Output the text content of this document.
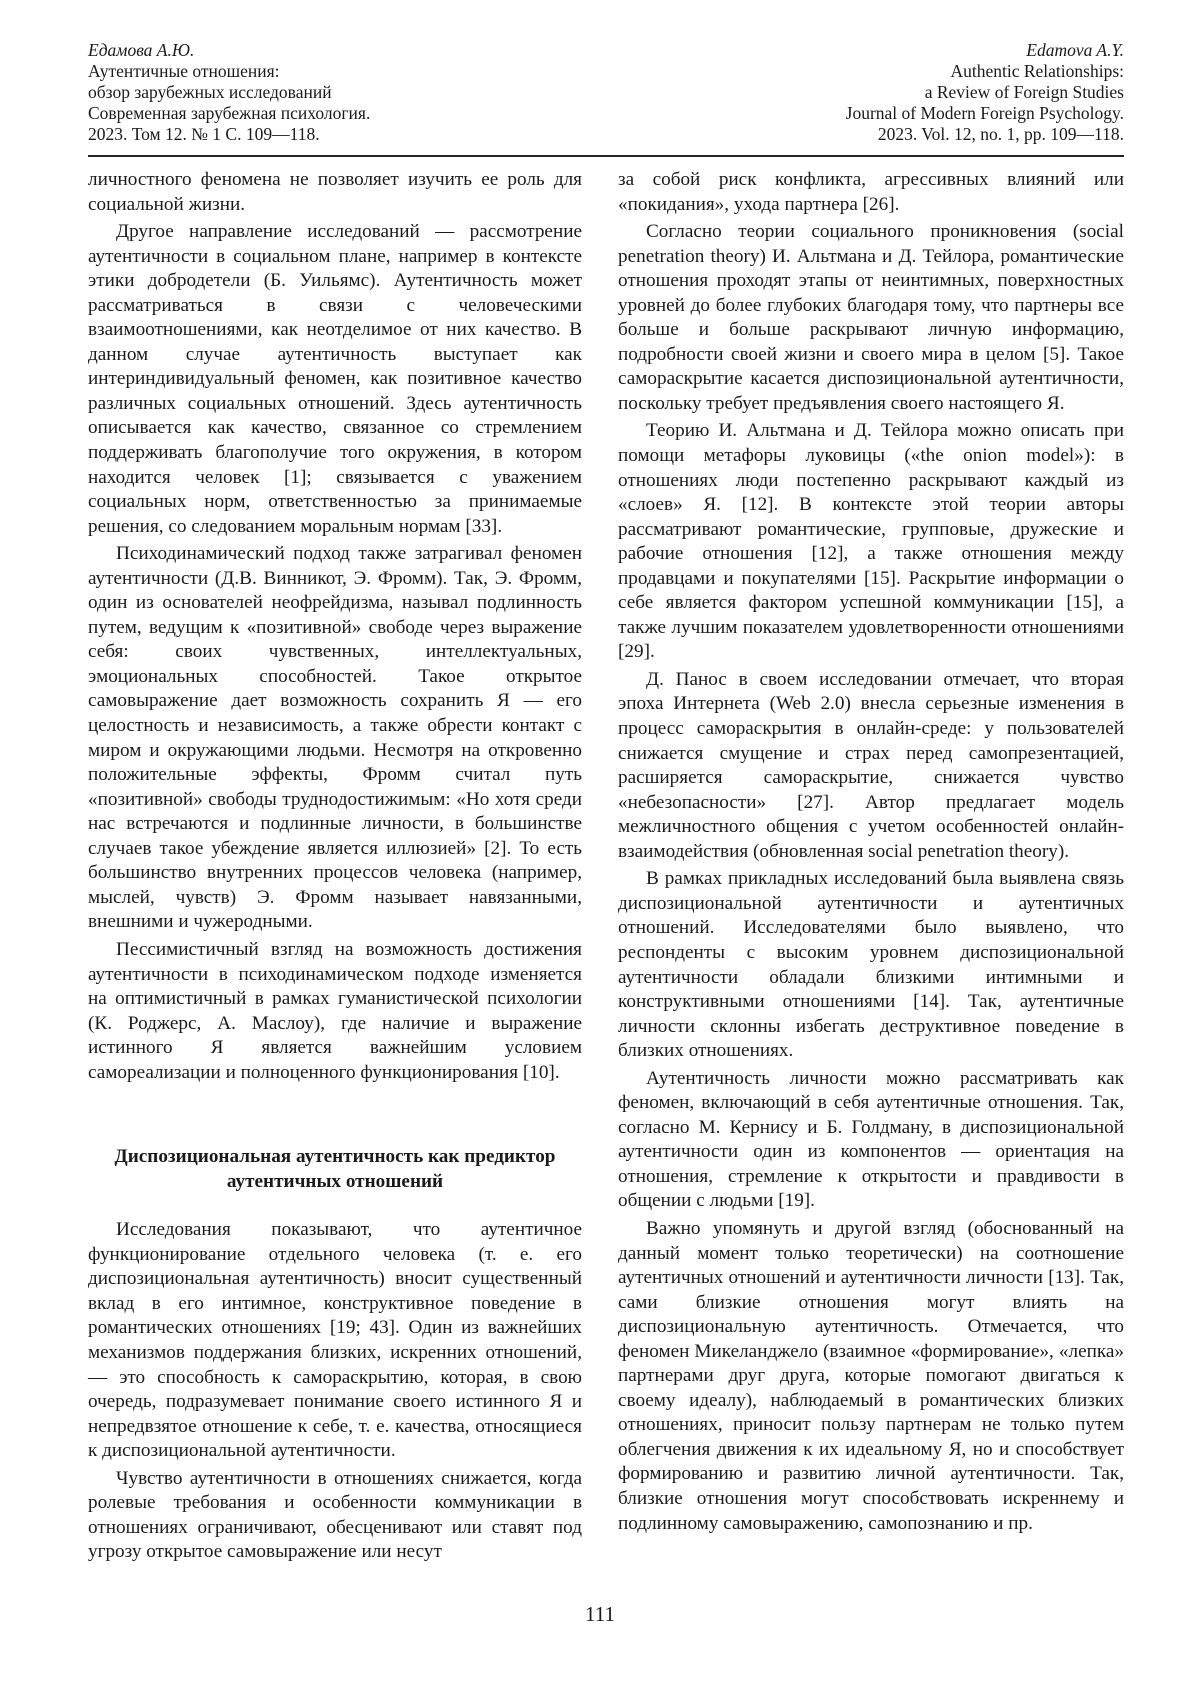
Едамова А.Ю.
Аутентичные отношения:
обзор зарубежных исследований
Современная зарубежная психология.
2023. Том 12. № 1 С. 109—118.
Edamova A.Y.
Authentic Relationships:
a Review of Foreign Studies
Journal of Modern Foreign Psychology.
2023. Vol. 12, no. 1, pp. 109—118.

личностного феномена не позволяет изучить ее роль для социальной жизни.

Другое направление исследований — рассмотрение аутентичности в социальном плане, например в контексте этики добродетели (Б. Уильямс). Аутентичность может рассматриваться в связи с человеческими взаимоотношениями, как неотделимое от них качество. В данном случае аутентичность выступает как интериндивидуальный феномен, как позитивное качество различных социальных отношений. Здесь аутентичность описывается как качество, связанное со стремлением поддерживать благополучие того окружения, в котором находится человек [1]; связывается с уважением социальных норм, ответственностью за принимаемые решения, со следованием моральным нормам [33].

Психодинамический подход также затрагивал феномен аутентичности (Д.В. Винникот, Э. Фромм). Так, Э. Фромм, один из основателей неофрейдизма, называл подлинность путем, ведущим к «позитивной» свободе через выражение себя: своих чувственных, интеллектуальных, эмоциональных способностей. Такое открытое самовыражение дает возможность сохранить Я — его целостность и независимость, а также обрести контакт с миром и окружающими людьми. Несмотря на откровенно положительные эффекты, Фромм считал путь «позитивной» свободы труднодостижимым: «Но хотя среди нас встречаются и подлинные личности, в большинстве случаев такое убеждение является иллюзией» [2]. То есть большинство внутренних процессов человека (например, мыслей, чувств) Э. Фромм называет навязанными, внешними и чужеродными.

Пессимистичный взгляд на возможность достижения аутентичности в психодинамическом подходе изменяется на оптимистичный в рамках гуманистической психологии (К. Роджерс, А. Маслоу), где наличие и выражение истинного Я является важнейшим условием самореализации и полноценного функционирования [10].

Диспозициональная аутентичность как предиктор
аутентичных отношений

Исследования показывают, что аутентичное функционирование отдельного человека (т. е. его диспозициональная аутентичность) вносит существенный вклад в его интимное, конструктивное поведение в романтических отношениях [19; 43]. Один из важнейших механизмов поддержания близких, искренних отношений, — это способность к самораскрытию, которая, в свою очередь, подразумевает понимание своего истинного Я и непредвзятое отношение к себе, т. е. качества, относящиеся к диспозициональной аутентичности.

Чувство аутентичности в отношениях снижается, когда ролевые требования и особенности коммуникации в отношениях ограничивают, обесценивают или ставят под угрозу открытое самовыражение или несут

за собой риск конфликта, агрессивных влияний или «покидания», ухода партнера [26].

Согласно теории социального проникновения (social penetration theory) И. Альтмана и Д. Тейлора, романтические отношения проходят этапы от неинтимных, поверхностных уровней до более глубоких благодаря тому, что партнеры все больше и больше раскрывают личную информацию, подробности своей жизни и своего мира в целом [5]. Такое самораскрытие касается диспозициональной аутентичности, поскольку требует предъявления своего настоящего Я.

Теорию И. Альтмана и Д. Тейлора можно описать при помощи метафоры луковицы («the onion model»): в отношениях люди постепенно раскрывают каждый из «слоев» Я. [12]. В контексте этой теории авторы рассматривают романтические, групповые, дружеские и рабочие отношения [12], а также отношения между продавцами и покупателями [15]. Раскрытие информации о себе является фактором успешной коммуникации [15], а также лучшим показателем удовлетворенности отношениями [29].

Д. Панос в своем исследовании отмечает, что вторая эпоха Интернета (Web 2.0) внесла серьезные изменения в процесс самораскрытия в онлайн-среде: у пользователей снижается смущение и страх перед самопрезентацией, расширяется самораскрытие, снижается чувство «небезопасности» [27]. Автор предлагает модель межличностного общения с учетом особенностей онлайн-взаимодействия (обновленная social penetration theory).

В рамках прикладных исследований была выявлена связь диспозициональной аутентичности и аутентичных отношений. Исследователями было выявлено, что респонденты с высоким уровнем диспозициональной аутентичности обладали близкими интимными и конструктивными отношениями [14]. Так, аутентичные личности склонны избегать деструктивное поведение в близких отношениях.

Аутентичность личности можно рассматривать как феномен, включающий в себя аутентичные отношения. Так, согласно М. Кернису и Б. Голдману, в диспозициональной аутентичности один из компонентов — ориентация на отношения, стремление к открытости и правдивости в общении с людьми [19].

Важно упомянуть и другой взгляд (обоснованный на данный момент только теоретически) на соотношение аутентичных отношений и аутентичности личности [13]. Так, сами близкие отношения могут влиять на диспозициональную аутентичность. Отмечается, что феномен Микеланджело (взаимное «формирование», «лепка» партнерами друг друга, которые помогают двигаться к своему идеалу), наблюдаемый в романтических близких отношениях, приносит пользу партнерам не только путем облегчения движения к их идеальному Я, но и способствует формированию и развитию личной аутентичности. Так, близкие отношения могут способствовать искреннему и подлинному самовыражению, самопознанию и пр.

111
